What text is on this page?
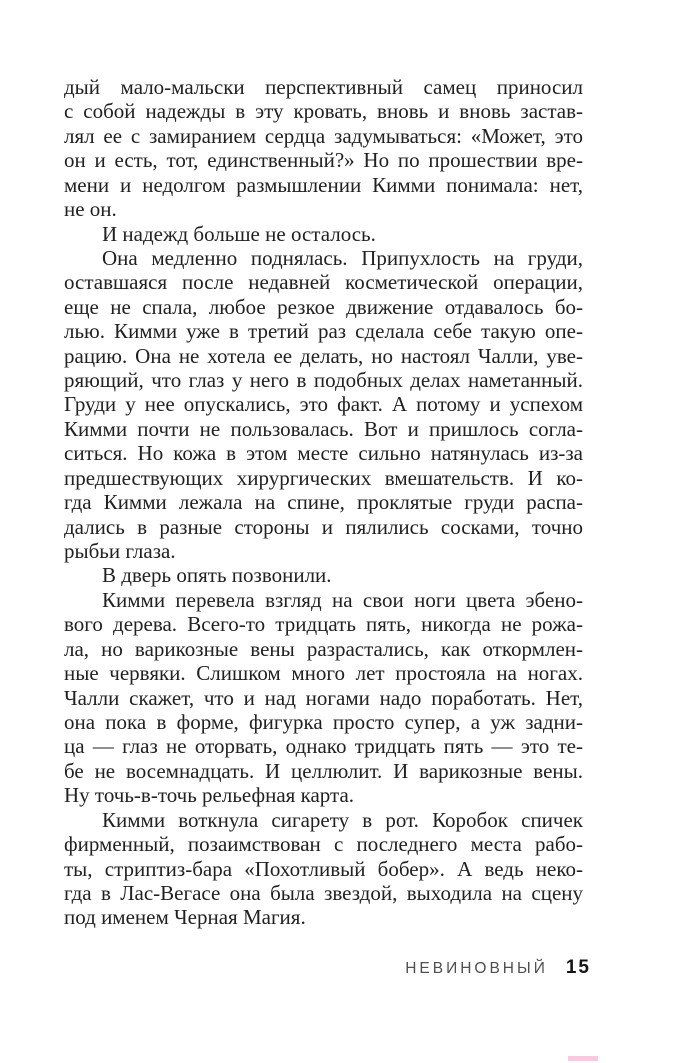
дый мало-мальски перспективный самец приносил
с собой надежды в эту кровать, вновь и вновь застав-
лял ее с замиранием сердца задумываться: «Может, это
он и есть, тот, единственный?» Но по прошествии вре-
мени и недолгом размышлении Кимми понимала: нет,
не он.
И надежд больше не осталось.
Она медленно поднялась. Припухлость на груди,
оставшаяся после недавней косметической операции,
еще не спала, любое резкое движение отдавалось бо-
лью. Кимми уже в третий раз сделала себе такую опе-
рацию. Она не хотела ее делать, но настоял Чалли, уве-
ряющий, что глаз у него в подобных делах наметанный.
Груди у нее опускались, это факт. А потому и успехом
Кимми почти не пользовалась. Вот и пришлось согла-
ситься. Но кожа в этом месте сильно натянулась из-за
предшествующих хирургических вмешательств. И ко-
гда Кимми лежала на спине, проклятые груди распа-
дались в разные стороны и пялились сосками, точно
рыбьи глаза.
В дверь опять позвонили.
Кимми перевела взгляд на свои ноги цвета эбено-
вого дерева. Всего-то тридцать пять, никогда не рожа-
ла, но варикозные вены разрастались, как откормлен-
ные червяки. Слишком много лет простояла на ногах.
Чалли скажет, что и над ногами надо поработать. Нет,
она пока в форме, фигурка просто супер, а уж задни-
ца — глаз не оторвать, однако тридцать пять — это те-
бе не восемнадцать. И целлюлит. И варикозные вены.
Ну точь-в-точь рельефная карта.
Кимми воткнула сигарету в рот. Коробок спичек
фирменный, позаимствован с последнего места рабо-
ты, стриптиз-бара «Похотливый бобер». А ведь неко-
гда в Лас-Вегасе она была звездой, выходила на сцену
под именем Черная Магия.
НЕВИНОВНЫЙ 15
